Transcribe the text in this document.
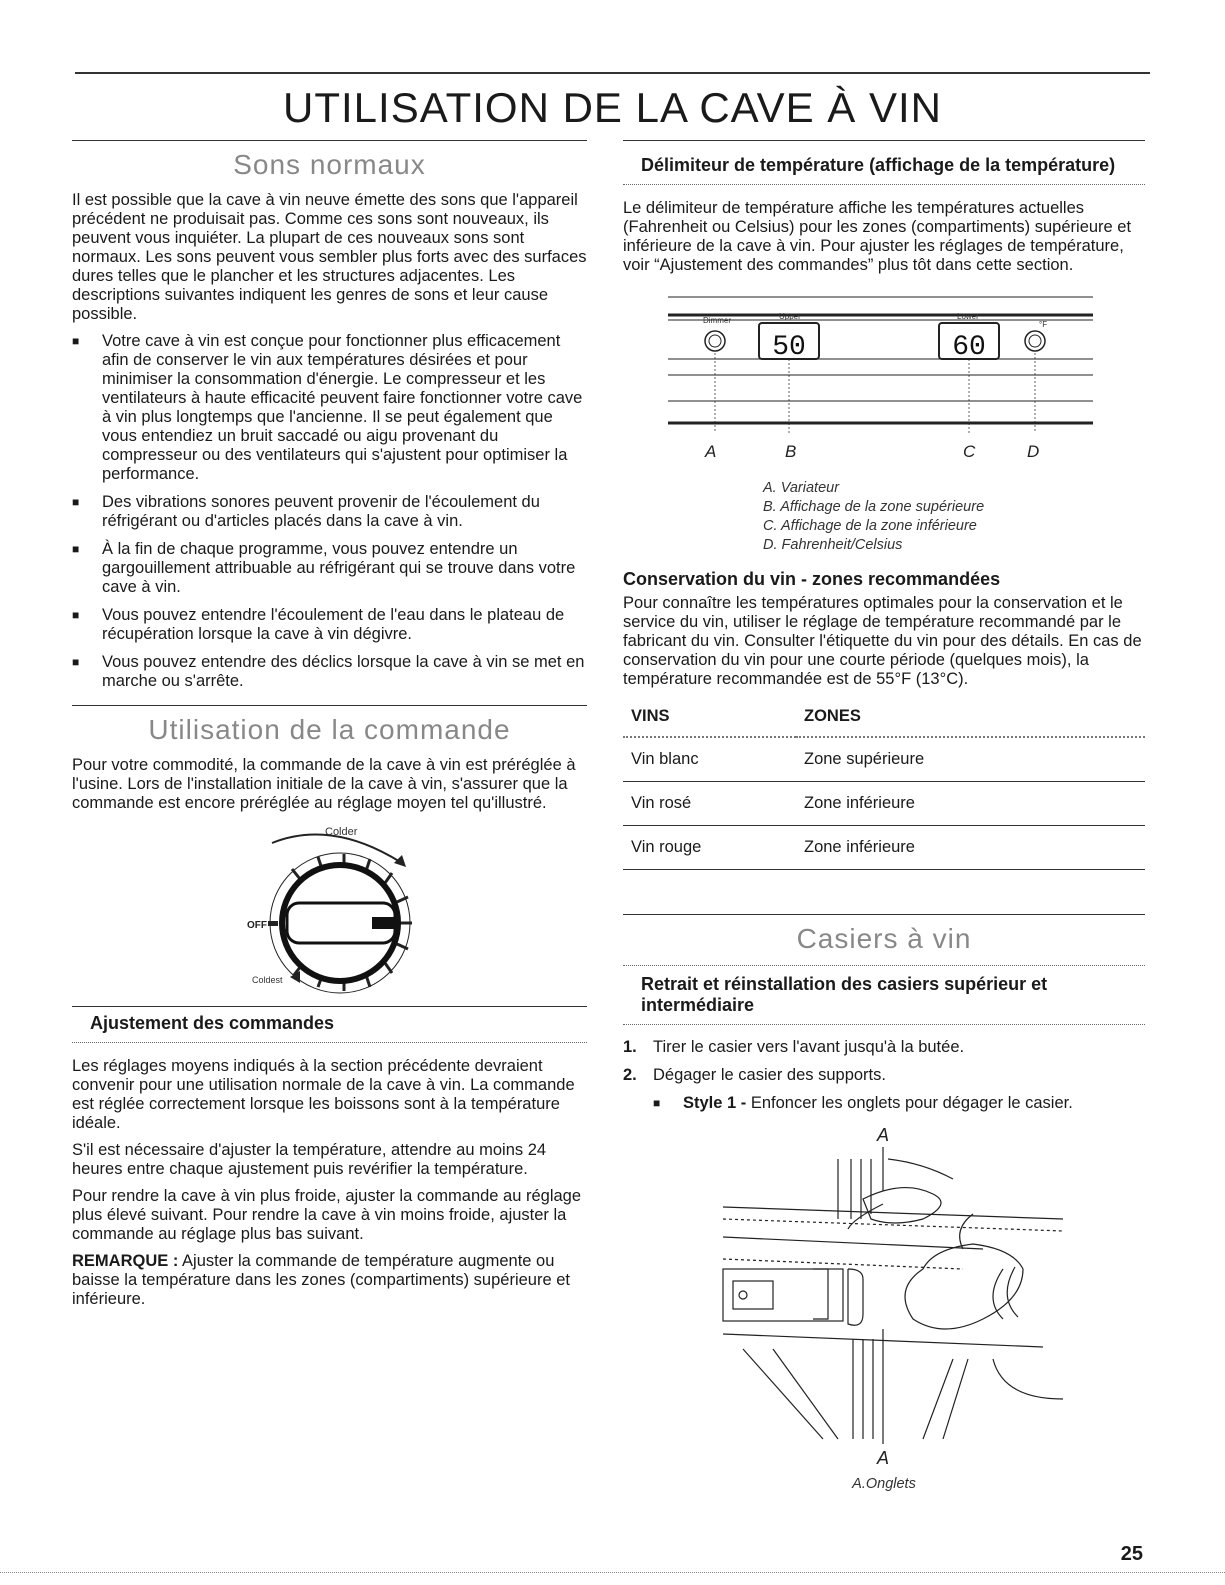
UTILISATION DE LA CAVE À VIN
Sons normaux

Il est possible que la cave à vin neuve émette des sons que l'appareil précédent ne produisait pas. Comme ces sons sont nouveaux, ils peuvent vous inquiéter. La plupart de ces nouveaux sons sont normaux. Les sons peuvent vous sembler plus forts avec des surfaces dures telles que le plancher et les structures adjacentes. Les descriptions suivantes indiquent les genres de sons et leur cause possible.

■ Votre cave à vin est conçue pour fonctionner plus efficacement afin de conserver le vin aux températures désirées et pour minimiser la consommation d'énergie. Le compresseur et les ventilateurs à haute efficacité peuvent faire fonctionner votre cave à vin plus longtemps que l'ancienne. Il se peut également que vous entendiez un bruit saccadé ou aigu provenant du compresseur ou des ventilateurs qui s'ajustent pour optimiser la performance.
■ Des vibrations sonores peuvent provenir de l'écoulement du réfrigérant ou d'articles placés dans la cave à vin.
■ À la fin de chaque programme, vous pouvez entendre un gargouillement attribuable au réfrigérant qui se trouve dans votre cave à vin.
■ Vous pouvez entendre l'écoulement de l'eau dans le plateau de récupération lorsque la cave à vin dégivre.
■ Vous pouvez entendre des déclics lorsque la cave à vin se met en marche ou s'arrête.
Utilisation de la commande

Pour votre commodité, la commande de la cave à vin est préréglée à l'usine. Lors de l'installation initiale de la cave à vin, s'assurer que la commande est encore préréglée au réglage moyen tel qu'illustré.

Colder
OFF
Coldest
Ajustement des commandes

Les réglages moyens indiqués à la section précédente devraient convenir pour une utilisation normale de la cave à vin. La commande est réglée correctement lorsque les boissons sont à la température idéale.

S'il est nécessaire d'ajuster la température, attendre au moins 24 heures entre chaque ajustement puis revérifier la température.

Pour rendre la cave à vin plus froide, ajuster la commande au réglage plus élevé suivant. Pour rendre la cave à vin moins froide, ajuster la commande au réglage plus bas suivant.

REMARQUE : Ajuster la commande de température augmente ou baisse la température dans les zones (compartiments) supérieure et inférieure.

Délimiteur de température (affichage de la température)

Le délimiteur de température affiche les températures actuelles (Fahrenheit ou Celsius) pour les zones (compartiments) supérieure et inférieure de la cave à vin. Pour ajuster les réglages de température, voir “Ajustement des commandes” plus tôt dans cette section.

Dimmer	Upper	Lower
°F
50	60
A	B	C	D
A. Variateur
B. Affichage de la zone supérieure
C. Affichage de la zone inférieure
D. Fahrenheit/Celsius
Conservation du vin - zones recommandées

Pour connaître les températures optimales pour la conservation et le service du vin, utiliser le réglage de température recommandé par le fabricant du vin. Consulter l'étiquette du vin pour des détails. En cas de conservation du vin pour une courte période (quelques mois), la température recommandée est de 55°F (13°C).

VINS	ZONES
Vin blanc	Zone supérieure
Vin rosé	Zone inférieure
Vin rouge	Zone inférieure
Casiers à vin
Retrait et réinstallation des casiers supérieur et intermédiaire
1. Tirer le casier vers l'avant jusqu'à la butée.
2. Dégager le casier des supports.
■ Style 1 - Enfoncer les onglets pour dégager le casier.
A
A
A.Onglets
25
